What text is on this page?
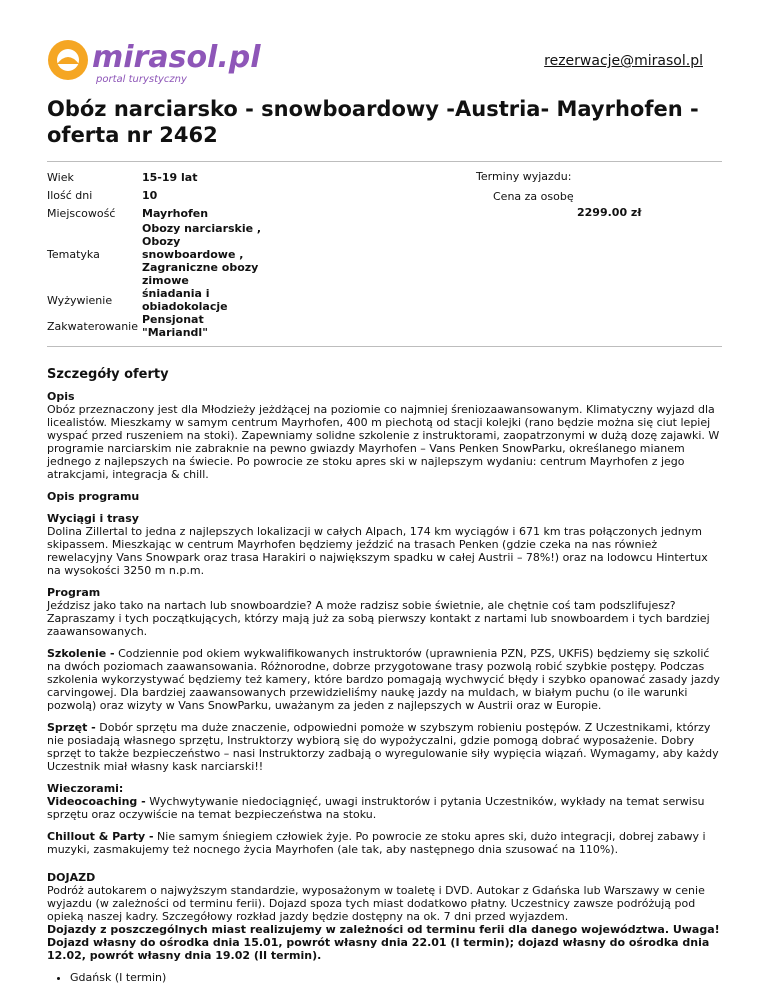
mirasol.pl
portal turystyczny
rezerwacje@mirasol.pl
Obóz narciarsko - snowboardowy -Austria- Mayrhofen - oferta nr 2462
Wiek	15-19 lat
Ilość dni	10
Miejscowość	Mayrhofen
Tematyka	Obozy narciarskie , Obozy snowboardowe , Zagraniczne obozy zimowe
Wyżywienie	śniadania i obiadokolacje
Zakwaterowanie	Pensjonat "Mariandl"
Terminy wyjazdu:
Cena za osobę
2299.00 zł
Szczegóły oferty

Opis
Obóz przeznaczony jest dla Młodzieży jeżdżącej na poziomie co najmniej śreniozaawansowanym. Klimatyczny wyjazd dla licealistów. Mieszkamy w samym centrum Mayrhofen, 400 m piechotą od stacji kolejki (rano będzie można się ciut lepiej wyspać przed ruszeniem na stoki). Zapewniamy solidne szkolenie z instruktorami, zaopatrzonymi w dużą dozę zajawki. W programie narciarskim nie zabraknie na pewno gwiazdy Mayrhofen – Vans Penken SnowParku, określanego mianem jednego z najlepszych na świecie. Po powrocie ze stoku apres ski w najlepszym wydaniu: centrum Mayrhofen z jego atrakcjami, integracja & chill.

Opis programu

Wyciągi i trasy
Dolina Zillertal to jedna z najlepszych lokalizacji w całych Alpach, 174 km wyciągów i 671 km tras połączonych jednym skipassem. Mieszkając w centrum Mayrhofen będziemy jeździć na trasach Penken (gdzie czeka na nas również rewelacyjny Vans Snowpark oraz trasa Harakiri o największym spadku w całej Austrii – 78%!) oraz na lodowcu Hintertux na wysokości 3250 m n.p.m.

Program
Jeździsz jako tako na nartach lub snowboardzie? A może radzisz sobie świetnie, ale chętnie coś tam podszlifujesz? Zapraszamy i tych początkujących, którzy mają już za sobą pierwszy kontakt z nartami lub snowboardem i tych bardziej zaawansowanych.

Szkolenie - Codziennie pod okiem wykwalifikowanych instruktorów (uprawnienia PZN, PZS, UKFiS) będziemy się szkolić na dwóch poziomach zaawansowania. Różnorodne, dobrze przygotowane trasy pozwolą robić szybkie postępy. Podczas szkolenia wykorzystywać będziemy też kamery, które bardzo pomagają wychwycić błędy i szybko opanować zasady jazdy carvingowej. Dla bardziej zaawansowanych przewidzieliśmy naukę jazdy na muldach, w białym puchu (o ile warunki pozwolą) oraz wizyty w Vans SnowParku, uważanym za jeden z najlepszych w Austrii oraz w Europie.

Sprzęt - Dobór sprzętu ma duże znaczenie, odpowiedni pomoże w szybszym robieniu postępów. Z Uczestnikami, którzy nie posiadają własnego sprzętu, Instruktorzy wybiorą się do wypożyczalni, gdzie pomogą dobrać wyposażenie. Dobry sprzęt to także bezpieczeństwo – nasi Instruktorzy zadbają o wyregulowanie siły wypięcia wiązań. Wymagamy, aby każdy Uczestnik miał własny kask narciarski!!

Wieczorami:
Videocoaching - Wychwytywanie niedociągnięć, uwagi instruktorów i pytania Uczestników, wykłady na temat serwisu sprzętu oraz oczywiście na temat bezpieczeństwa na stoku.

Chillout & Party - Nie samym śniegiem człowiek żyje. Po powrocie ze stoku apres ski, dużo integracji, dobrej zabawy i muzyki, zasmakujemy też nocnego życia Mayrhofen (ale tak, aby następnego dnia szusować na 110%).

DOJAZD
Podróż autokarem o najwyższym standardzie, wyposażonym w toaletę i DVD. Autokar z Gdańska lub Warszawy w cenie wyjazdu (w zależności od terminu ferii). Dojazd spoza tych miast dodatkowo płatny. Uczestnicy zawsze podróżują pod opieką naszej kadry. Szczegółowy rozkład jazdy będzie dostępny na ok. 7 dni przed wyjazdem.
Dojazdy z poszczególnych miast realizujemy w zależności od terminu ferii dla danego województwa. Uwaga! Dojazd własny do ośrodka dnia 15.01, powrót własny dnia 22.01 (I termin); dojazd własny do ośrodka dnia 12.02, powrót własny dnia 19.02 (II termin).

• Gdańsk (I termin)
